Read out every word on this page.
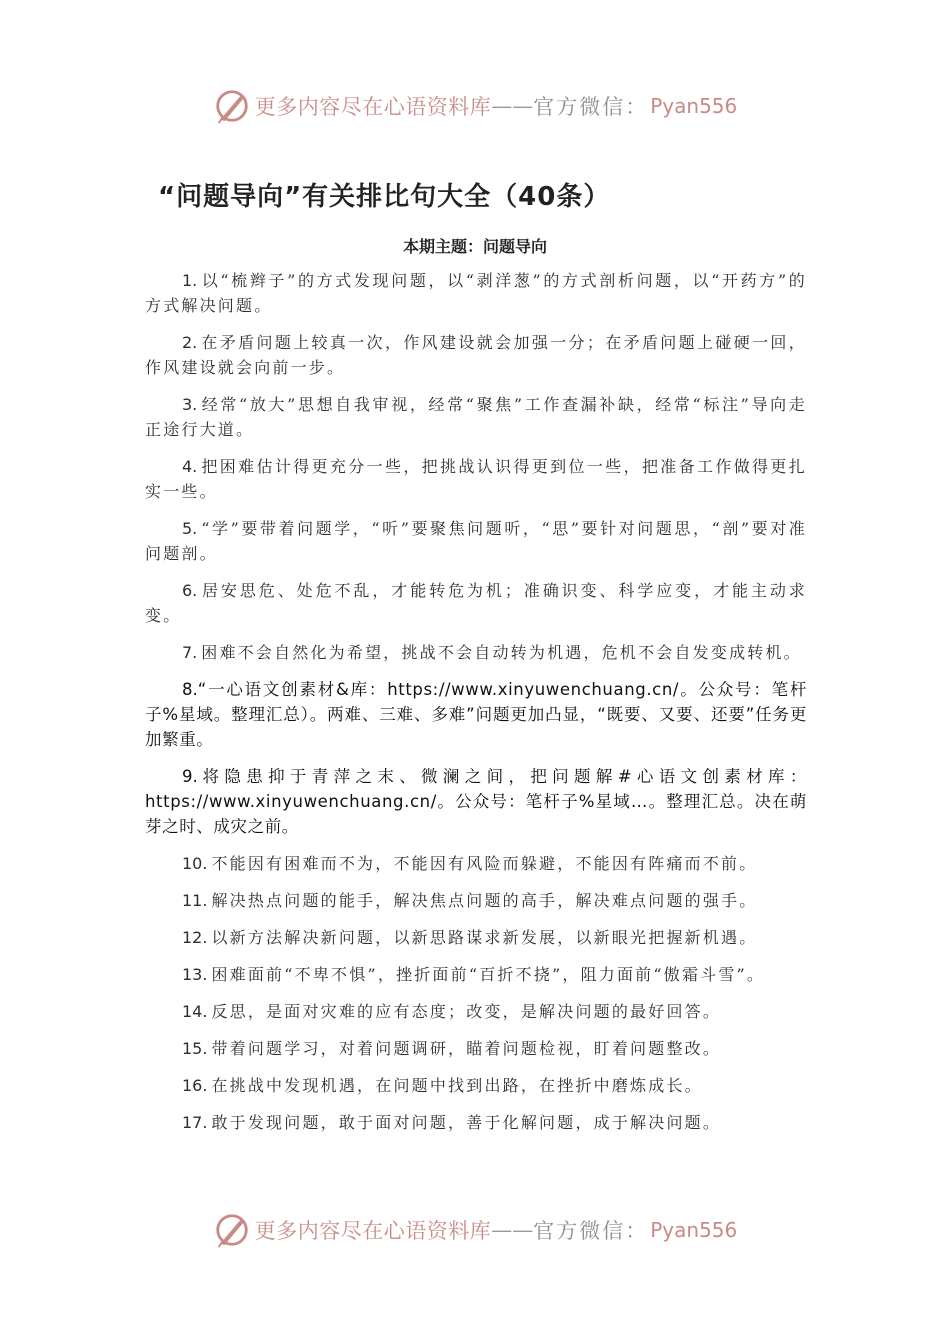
更多内容尽在心语资料库 —— 官方微信： Pyan556
“问题导向”有关排比句大全（40条）
本期主题：问题导向

1. 以“梳辫子”的方式发现问题，以“剥洋葱”的方式剖析问题，以“开药方”的方式解决问题。

2. 在矛盾问题上较真一次，作风建设就会加强一分；在矛盾问题上碰硬一回，作风建设就会向前一步。

3. 经常“放大”思想自我审视，经常“聚焦”工作查漏补缺，经常“标注”导向走正途行大道。

4. 把困难估计得更充分一些，把挑战认识得更到位一些，把准备工作做得更扎实一些。

5. “学”要带着问题学，“听”要聚焦问题听，“思”要针对问题思，“剖”要对准问题剖。

6. 居安思危、处危不乱，才能转危为机；准确识变、科学应变，才能主动求变。

7. 困难不会自然化为希望，挑战不会自动转为机遇，危机不会自发变成转机。

8.“一心语文创素材&库：https://www.xinyuwenchuang.cn/。公众号：笔杆子%星域。整理汇总）。两难、三难、多难”问题更加凸显，“既要、又要、还要”任务更加繁重。

9.将隐患抑于青萍之末、微澜之间，把问题解#心语文创素材库：https://www.xinyuwenchuang.cn/。公众号：笔杆子%星域…。整理汇总。决在萌芽之时、成灾之前。

10. 不能因有困难而不为，不能因有风险而躲避，不能因有阵痛而不前。

11. 解决热点问题的能手，解决焦点问题的高手，解决难点问题的强手。

12. 以新方法解决新问题，以新思路谋求新发展，以新眼光把握新机遇。

13. 困难面前“不卑不惧”，挫折面前“百折不挠”，阻力面前“傲霜斗雪”。

14. 反思，是面对灾难的应有态度；改变，是解决问题的最好回答。

15. 带着问题学习，对着问题调研，瞄着问题检视，盯着问题整改。

16. 在挑战中发现机遇，在问题中找到出路，在挫折中磨炼成长。

17. 敢于发现问题，敢于面对问题，善于化解问题，成于解决问题。

更多内容尽在心语资料库 —— 官方微信： Pyan556
